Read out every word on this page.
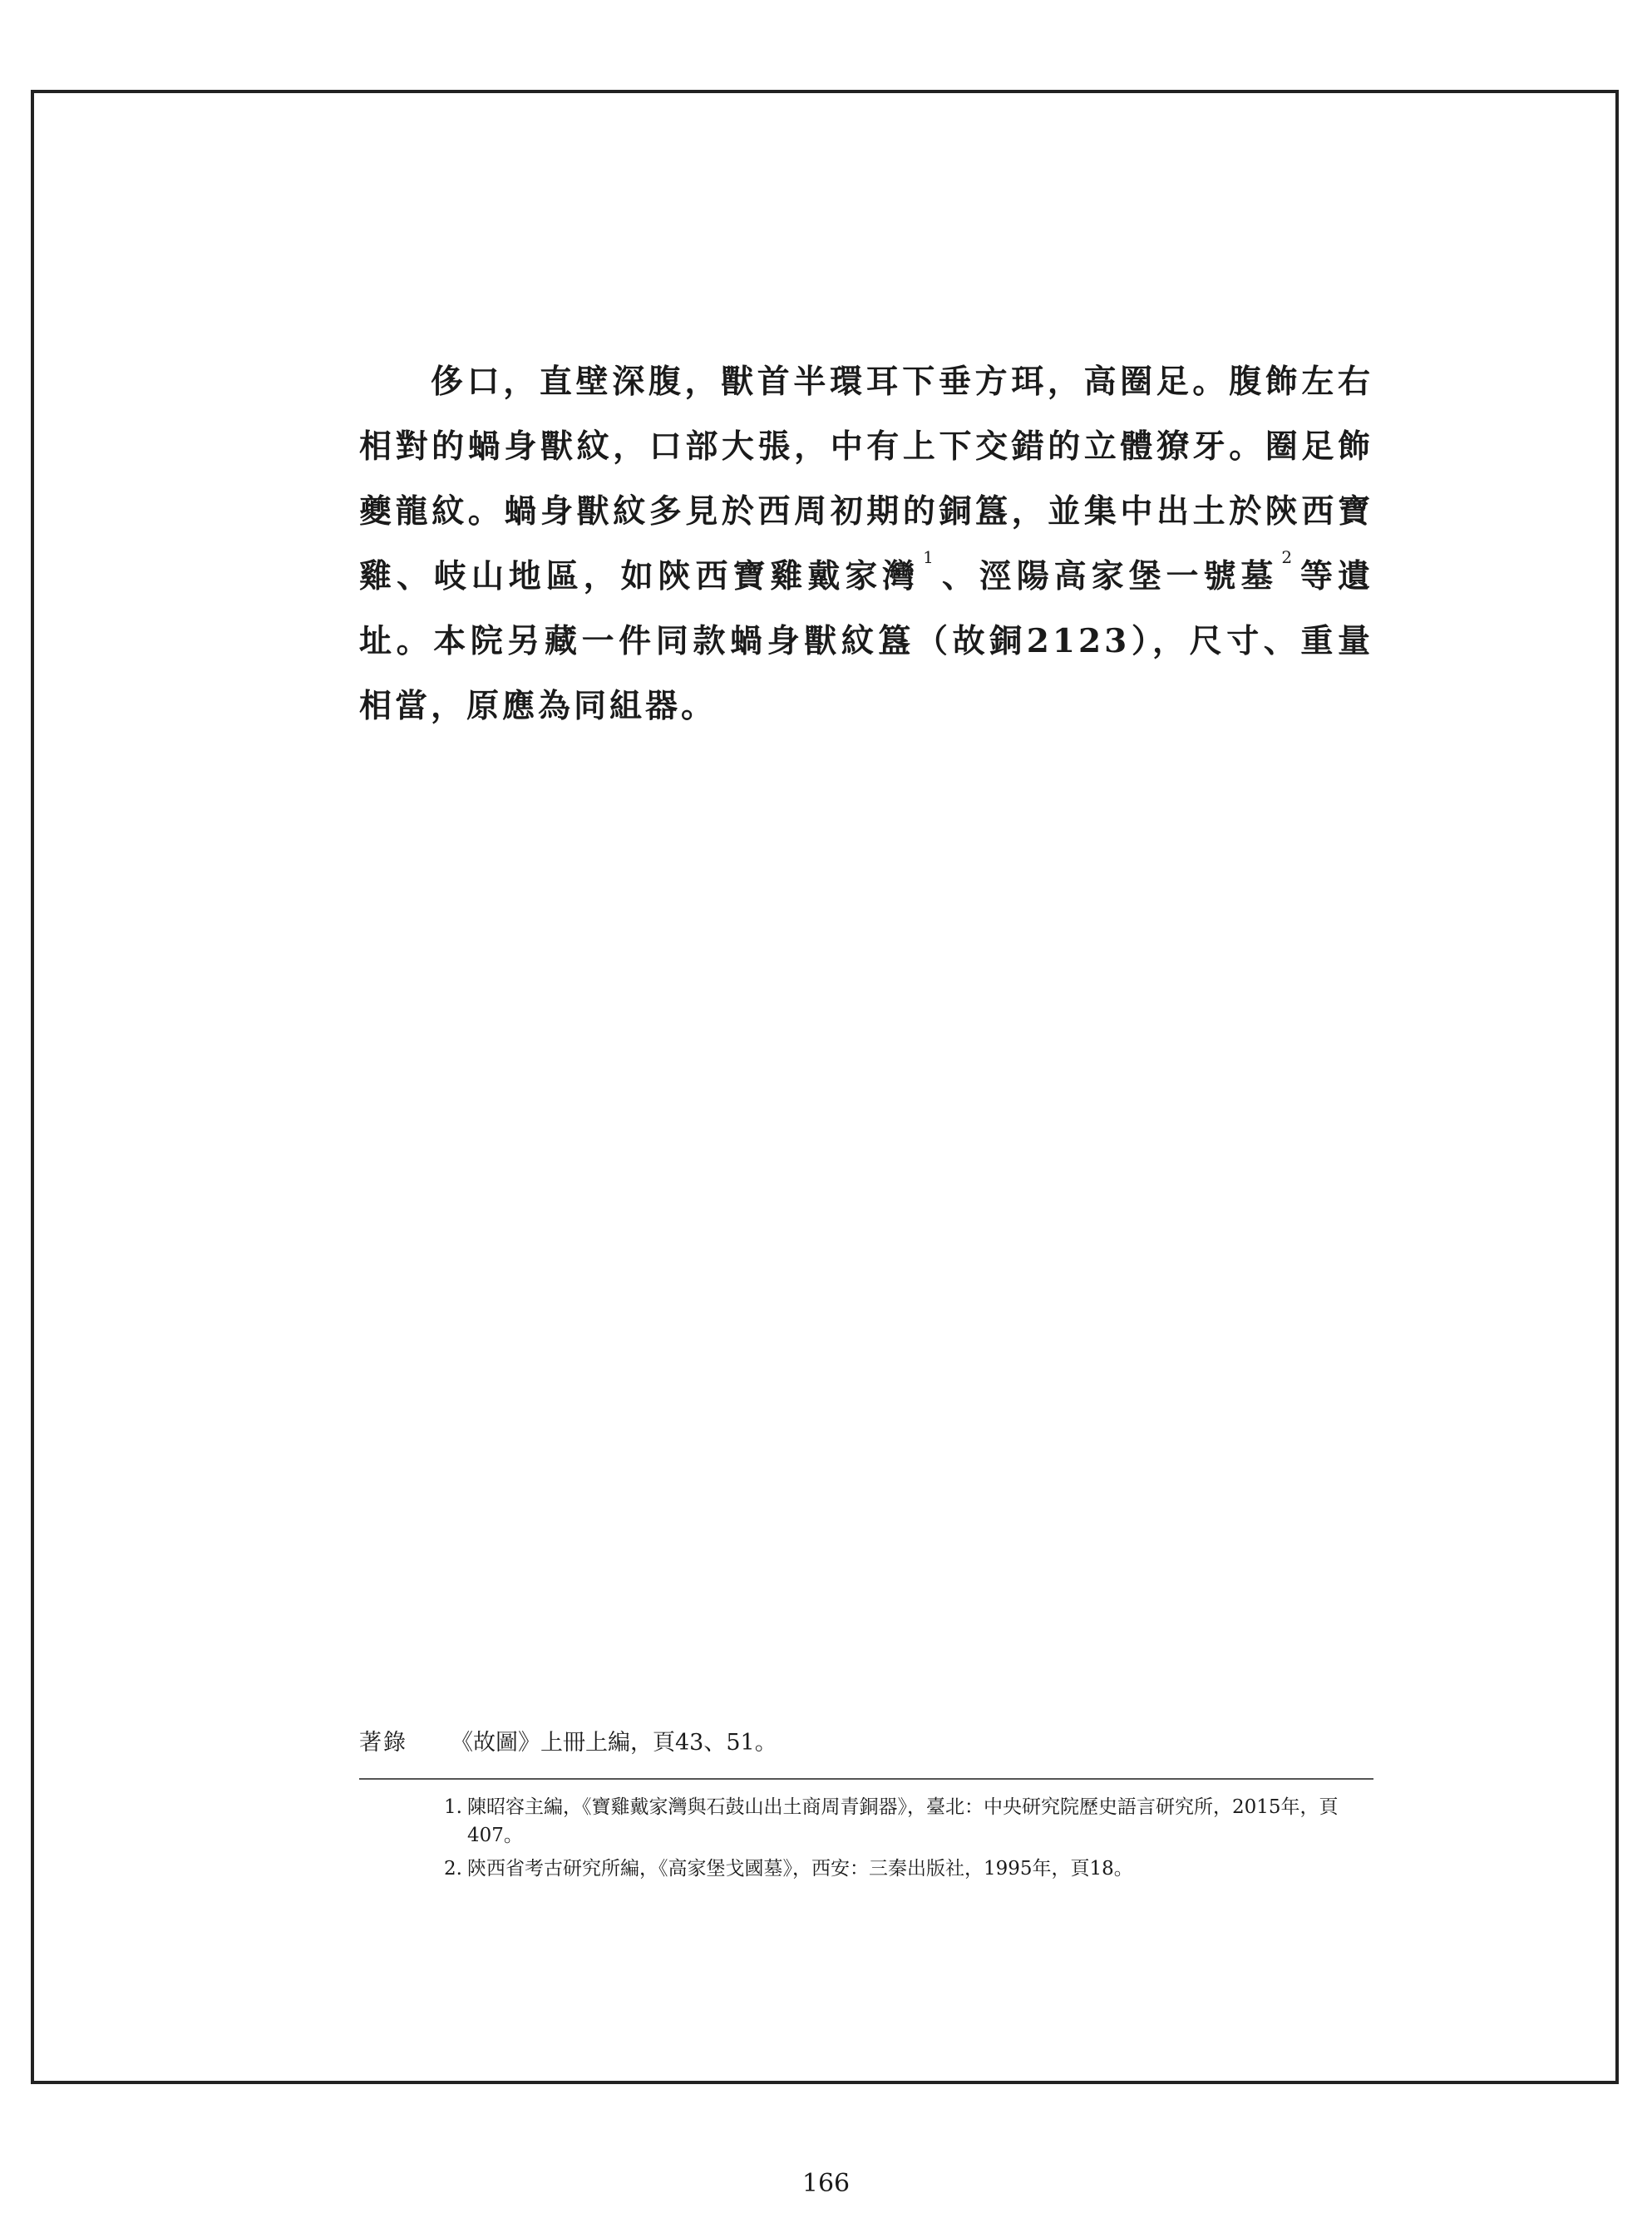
侈口，直壁深腹，獸首半環耳下垂方珥，高圈足。腹飾左右相對的蝸身獸紋，口部大張，中有上下交錯的立體獠牙。圈足飾夔龍紋。蝸身獸紋多見於西周初期的銅簋，並集中出土於陝西寶雞、岐山地區，如陝西寶雞戴家灣 $^1$ 、涇陽高家堡一號墓 $^2$ 等遺址。本院另藏一件同款蝸身獸紋簋（故銅2123），尺寸、重量相當，原應為同組器。

著錄 《故圖》上冊上編，頁43、51。
1. 陳昭容主編，《寶雞戴家灣與石鼓山出土商周青銅器》，臺北：中央研究院歷史語言研究所，2015年，頁407。
2. 陝西省考古研究所編，《高家堡戈國墓》，西安：三秦出版社，1995年，頁18。
166
